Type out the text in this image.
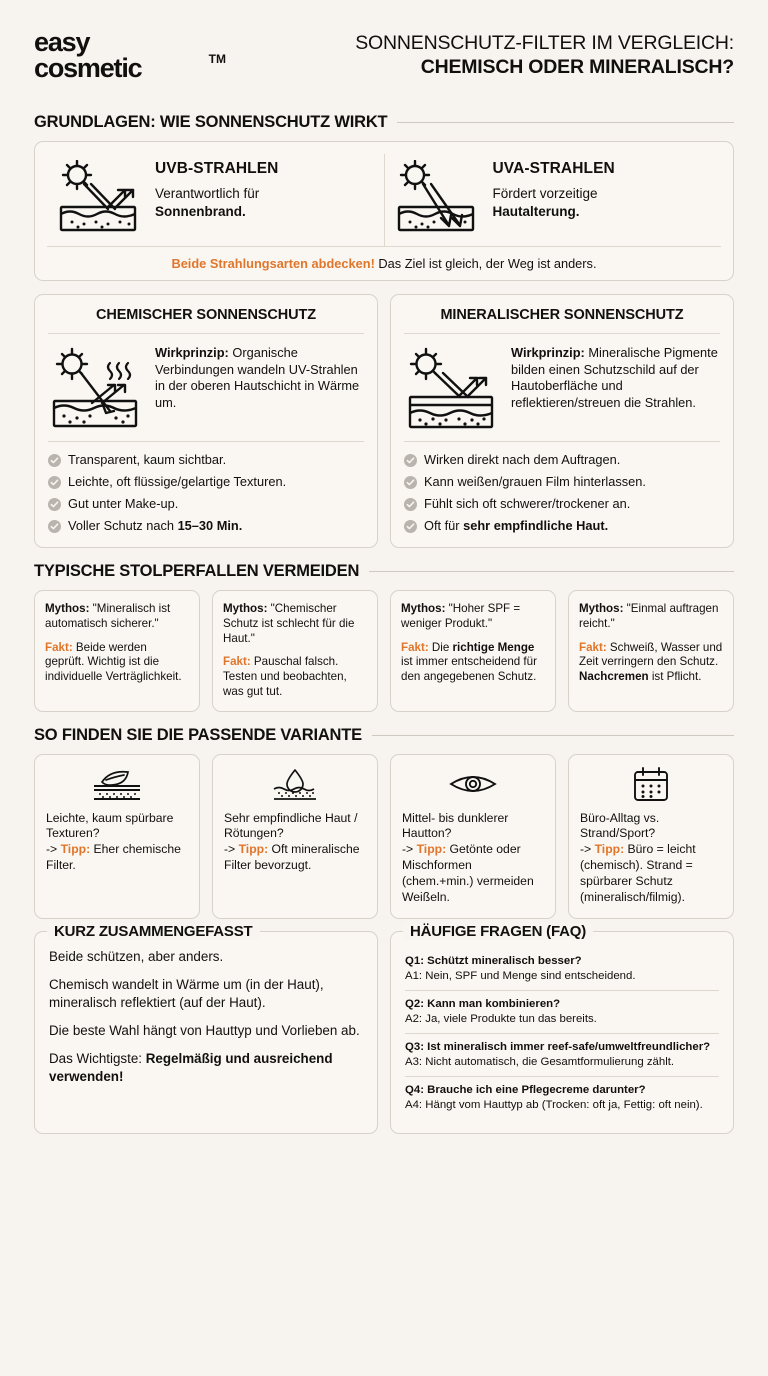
easy
cosmetic	TM
SONNENSCHUTZ-FILTER IM VERGLEICH:
CHEMISCH ODER MINERALISCH?
GRUNDLAGEN: WIE SONNENSCHUTZ WIRKT
UVB-STRAHLEN

Verantwortlich für
Sonnenbrand.

UVA-STRAHLEN

Fördert vorzeitige
Hautalterung.

Beide Strahlungsarten abdecken! Das Ziel ist gleich, der Weg ist anders.
CHEMISCHER SONNENSCHUTZ

Wirkprinzip: Organische Verbindungen wandeln UV-Strahlen in der oberen Hautschicht in Wärme um.

Transparent, kaum sichtbar.
Leichte, oft flüssige/gelartige Texturen.
Gut unter Make-up.
Voller Schutz nach 15–30 Min.
MINERALISCHER SONNENSCHUTZ

Wirkprinzip: Mineralische Pigmente bilden einen Schutzschild auf der Hautoberfläche und reflektieren/streuen die Strahlen.

Wirken direkt nach dem Auftragen.
Kann weißen/grauen Film hinterlassen.
Fühlt sich oft schwerer/trockener an.
Oft für sehr empfindliche Haut.
TYPISCHE STOLPERFALLEN VERMEIDEN

Mythos: "Mineralisch ist automatisch sicherer."

Fakt: Beide werden geprüft. Wichtig ist die individuelle Verträglichkeit.

Mythos: "Chemischer Schutz ist schlecht für die Haut."

Fakt: Pauschal falsch. Testen und beobachten, was gut tut.

Mythos: "Hoher SPF = weniger Produkt."

Fakt: Die richtige Menge ist immer entscheidend für den angegebenen Schutz.

Mythos: "Einmal auftragen reicht."

Fakt: Schweiß, Wasser und Zeit verringern den Schutz. Nachcremen ist Pflicht.

SO FINDEN SIE DIE PASSENDE VARIANTE

Leichte, kaum spürbare Texturen?
-> Tipp: Eher chemische Filter.

Sehr empfindliche Haut / Rötungen?
-> Tipp: Oft mineralische Filter bevorzugt.

Mittel- bis dunklerer Hautton?
-> Tipp: Getönte oder Mischformen (chem.+min.) vermeiden Weißeln.

Büro-Alltag vs. Strand/Sport?
-> Tipp: Büro = leicht (chemisch). Strand = spürbarer Schutz (mineralisch/filmig).

KURZ ZUSAMMENGEFASST

Beide schützen, aber anders.

Chemisch wandelt in Wärme um (in der Haut), mineralisch reflektiert (auf der Haut).

Die beste Wahl hängt von Hauttyp und Vorlieben ab.

Das Wichtigste: Regelmäßig und ausreichend verwenden!

HÄUFIGE FRAGEN (FAQ)
Q1: Schützt mineralisch besser?
A1: Nein, SPF und Menge sind entscheidend.
Q2: Kann man kombinieren?
A2: Ja, viele Produkte tun das bereits.
Q3: Ist mineralisch immer reef-safe/umweltfreundlicher?
A3: Nicht automatisch, die Gesamtformulierung zählt.
Q4: Brauche ich eine Pflegecreme darunter?
A4: Hängt vom Hauttyp ab (Trocken: oft ja, Fettig: oft nein).
